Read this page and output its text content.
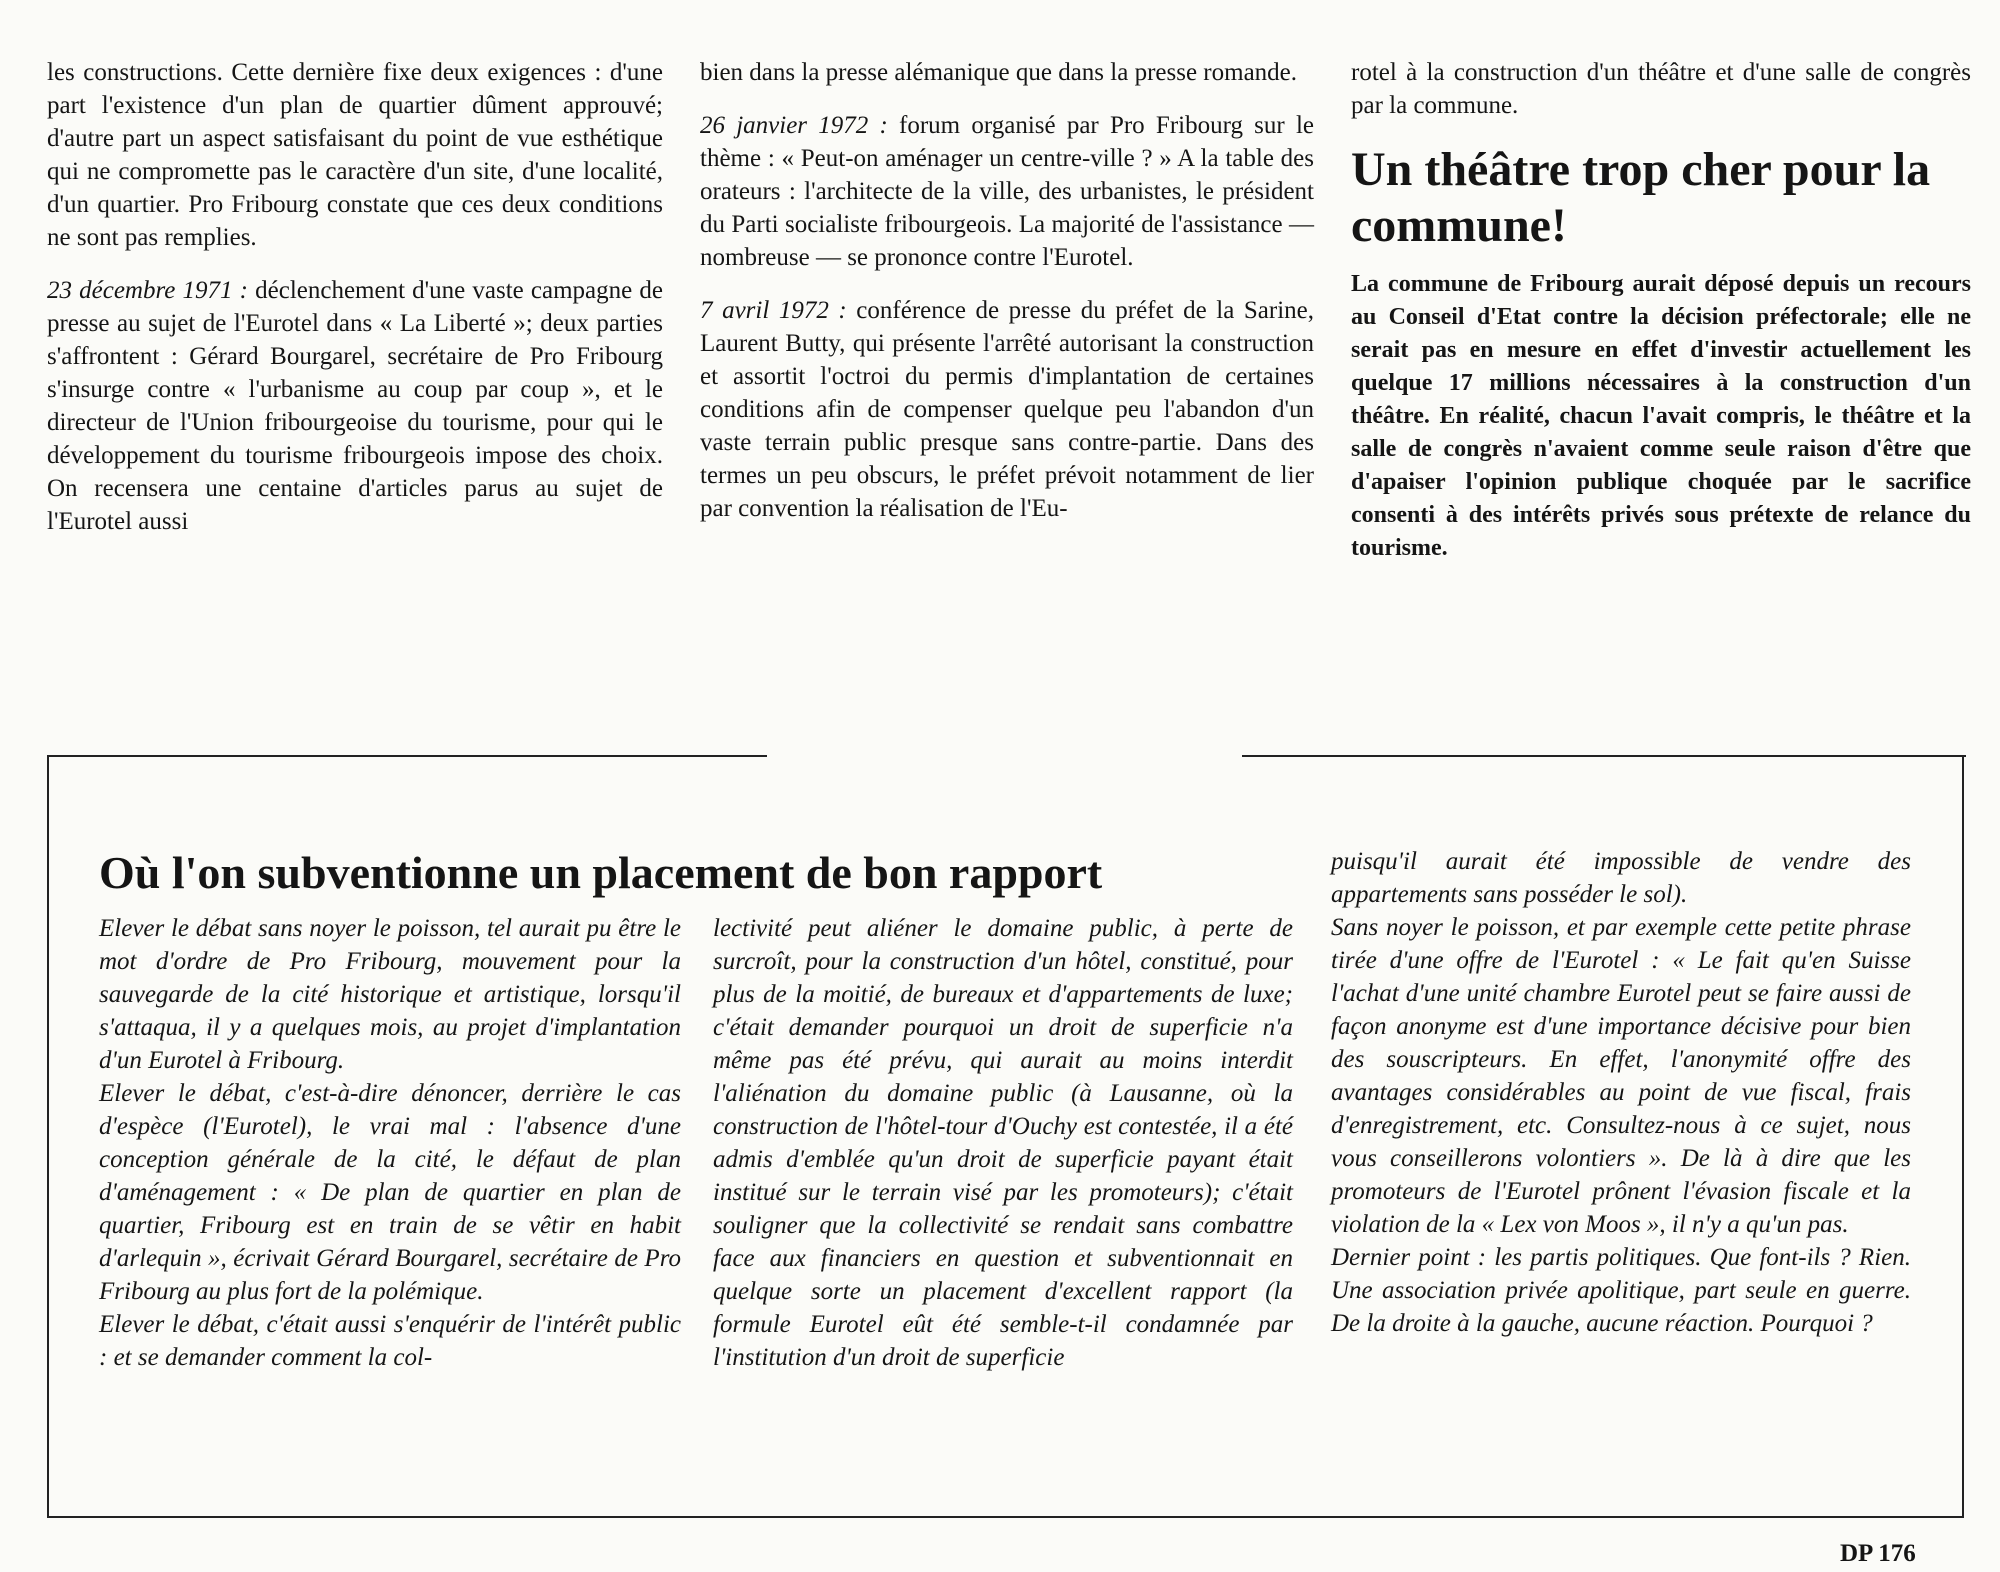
les constructions. Cette dernière fixe deux exigences : d'une part l'existence d'un plan de quartier dûment approuvé; d'autre part un aspect satisfaisant du point de vue esthétique qui ne compromette pas le caractère d'un site, d'une localité, d'un quartier. Pro Fribourg constate que ces deux conditions ne sont pas remplies.

23 décembre 1971 : déclenchement d'une vaste campagne de presse au sujet de l'Eurotel dans « La Liberté »; deux parties s'affrontent : Gérard Bourgarel, secrétaire de Pro Fribourg s'insurge contre « l'urbanisme au coup par coup », et le directeur de l'Union fribourgeoise du tourisme, pour qui le développement du tourisme fribourgeois impose des choix. On recensera une centaine d'articles parus au sujet de l'Eurotel aussi

bien dans la presse alémanique que dans la presse romande.

26 janvier 1972 : forum organisé par Pro Fribourg sur le thème : « Peut-on aménager un centre-ville ? » A la table des orateurs : l'architecte de la ville, des urbanistes, le président du Parti socialiste fribourgeois. La majorité de l'assistance — nombreuse — se prononce contre l'Eurotel.

7 avril 1972 : conférence de presse du préfet de la Sarine, Laurent Butty, qui présente l'arrêté autorisant la construction et assortit l'octroi du permis d'implantation de certaines conditions afin de compenser quelque peu l'abandon d'un vaste terrain public presque sans contre-partie. Dans des termes un peu obscurs, le préfet prévoit notamment de lier par convention la réalisation de l'Eu-

rotel à la construction d'un théâtre et d'une salle de congrès par la commune.

Un théâtre trop cher pour la commune!

La commune de Fribourg aurait déposé depuis un recours au Conseil d'Etat contre la décision préfectorale; elle ne serait pas en mesure en effet d'investir actuellement les quelque 17 millions nécessaires à la construction d'un théâtre. En réalité, chacun l'avait compris, le théâtre et la salle de congrès n'avaient comme seule raison d'être que d'apaiser l'opinion publique choquée par le sacrifice consenti à des intérêts privés sous prétexte de relance du tourisme.

Où l'on subventionne un placement de bon rapport

Elever le débat sans noyer le poisson, tel aurait pu être le mot d'ordre de Pro Fribourg, mouvement pour la sauvegarde de la cité historique et artistique, lorsqu'il s'attaqua, il y a quelques mois, au projet d'implantation d'un Eurotel à Fribourg.

Elever le débat, c'est-à-dire dénoncer, derrière le cas d'espèce (l'Eurotel), le vrai mal : l'absence d'une conception générale de la cité, le défaut de plan d'aménagement : « De plan de quartier en plan de quartier, Fribourg est en train de se vêtir en habit d'arlequin », écrivait Gérard Bourgarel, secrétaire de Pro Fribourg au plus fort de la polémique.

Elever le débat, c'était aussi s'enquérir de l'intérêt public : et se demander comment la col-

lectivité peut aliéner le domaine public, à perte de surcroît, pour la construction d'un hôtel, constitué, pour plus de la moitié, de bureaux et d'appartements de luxe; c'était demander pourquoi un droit de superficie n'a même pas été prévu, qui aurait au moins interdit l'aliénation du domaine public (à Lausanne, où la construction de l'hôtel-tour d'Ouchy est contestée, il a été admis d'emblée qu'un droit de superficie payant était institué sur le terrain visé par les promoteurs); c'était souligner que la collectivité se rendait sans combattre face aux financiers en question et subventionnait en quelque sorte un placement d'excellent rapport (la formule Eurotel eût été semble-t-il condamnée par l'institution d'un droit de superficie

puisqu'il aurait été impossible de vendre des appartements sans posséder le sol).

Sans noyer le poisson, et par exemple cette petite phrase tirée d'une offre de l'Eurotel : « Le fait qu'en Suisse l'achat d'une unité chambre Eurotel peut se faire aussi de façon anonyme est d'une importance décisive pour bien des souscripteurs. En effet, l'anonymité offre des avantages considérables au point de vue fiscal, frais d'enregistrement, etc. Consultez-nous à ce sujet, nous vous conseillerons volontiers ». De là à dire que les promoteurs de l'Eurotel prônent l'évasion fiscale et la violation de la « Lex von Moos », il n'y a qu'un pas.

Dernier point : les partis politiques. Que font-ils ? Rien. Une association privée apolitique, part seule en guerre. De la droite à la gauche, aucune réaction. Pourquoi ?

DP 176
